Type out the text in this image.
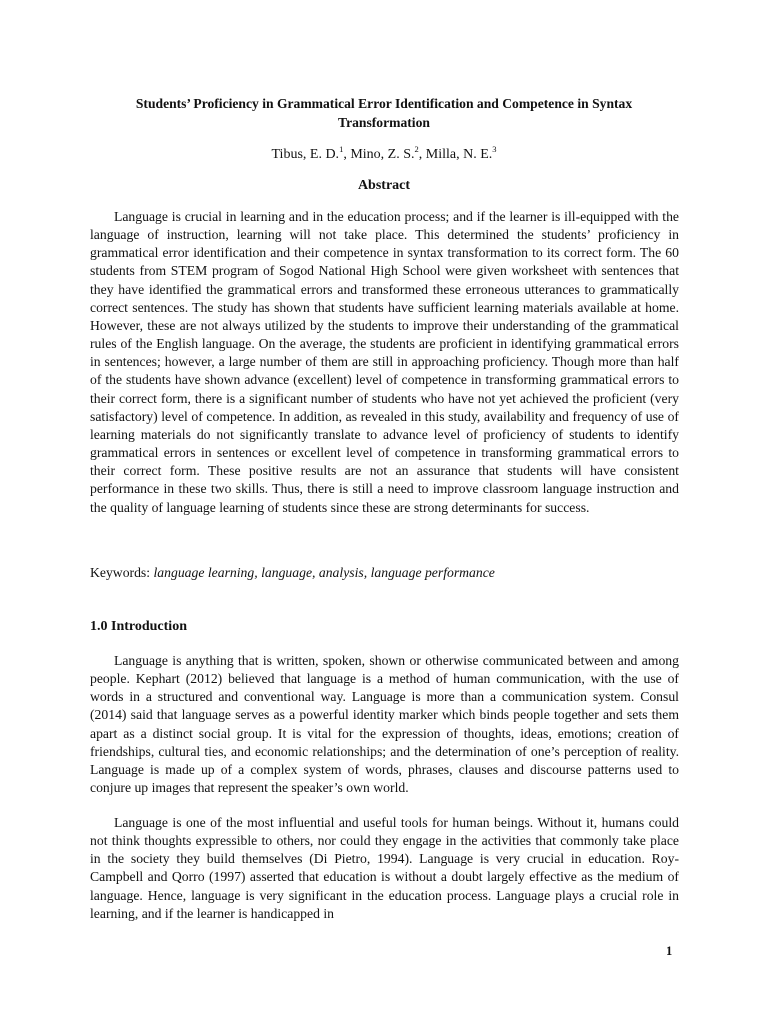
Students’ Proficiency in Grammatical Error Identification and Competence in Syntax Transformation
Tibus, E. D.$^1$, Mino, Z. S.$^2$, Milla, N. E.$^3$
Abstract

Language is crucial in learning and in the education process; and if the learner is ill-equipped with the language of instruction, learning will not take place. This determined the students’ proficiency in grammatical error identification and their competence in syntax transformation to its correct form. The 60 students from STEM program of Sogod National High School were given worksheet with sentences that they have identified the grammatical errors and transformed these erroneous utterances to grammatically correct sentences. The study has shown that students have sufficient learning materials available at home. However, these are not always utilized by the students to improve their understanding of the grammatical rules of the English language. On the average, the students are proficient in identifying grammatical errors in sentences; however, a large number of them are still in approaching proficiency. Though more than half of the students have shown advance (excellent) level of competence in transforming grammatical errors to their correct form, there is a significant number of students who have not yet achieved the proficient (very satisfactory) level of competence. In addition, as revealed in this study, availability and frequency of use of learning materials do not significantly translate to advance level of proficiency of students to identify grammatical errors in sentences or excellent level of competence in transforming grammatical errors to their correct form. These positive results are not an assurance that students will have consistent performance in these two skills. Thus, there is still a need to improve classroom language instruction and the quality of language learning of students since these are strong determinants for success.

Keywords: language learning, language, analysis, language performance
1.0 Introduction

Language is anything that is written, spoken, shown or otherwise communicated between and among people. Kephart (2012) believed that language is a method of human communication, with the use of words in a structured and conventional way. Language is more than a communication system. Consul (2014) said that language serves as a powerful identity marker which binds people together and sets them apart as a distinct social group. It is vital for the expression of thoughts, ideas, emotions; creation of friendships, cultural ties, and economic relationships; and the determination of one’s perception of reality. Language is made up of a complex system of words, phrases, clauses and discourse patterns used to conjure up images that represent the speaker’s own world.

Language is one of the most influential and useful tools for human beings. Without it, humans could not think thoughts expressible to others, nor could they engage in the activities that commonly take place in the society they build themselves (Di Pietro, 1994). Language is very crucial in education. Roy-Campbell and Qorro (1997) asserted that education is without a doubt largely effective as the medium of language. Hence, language is very significant in the education process. Language plays a crucial role in learning, and if the learner is handicapped in

1
